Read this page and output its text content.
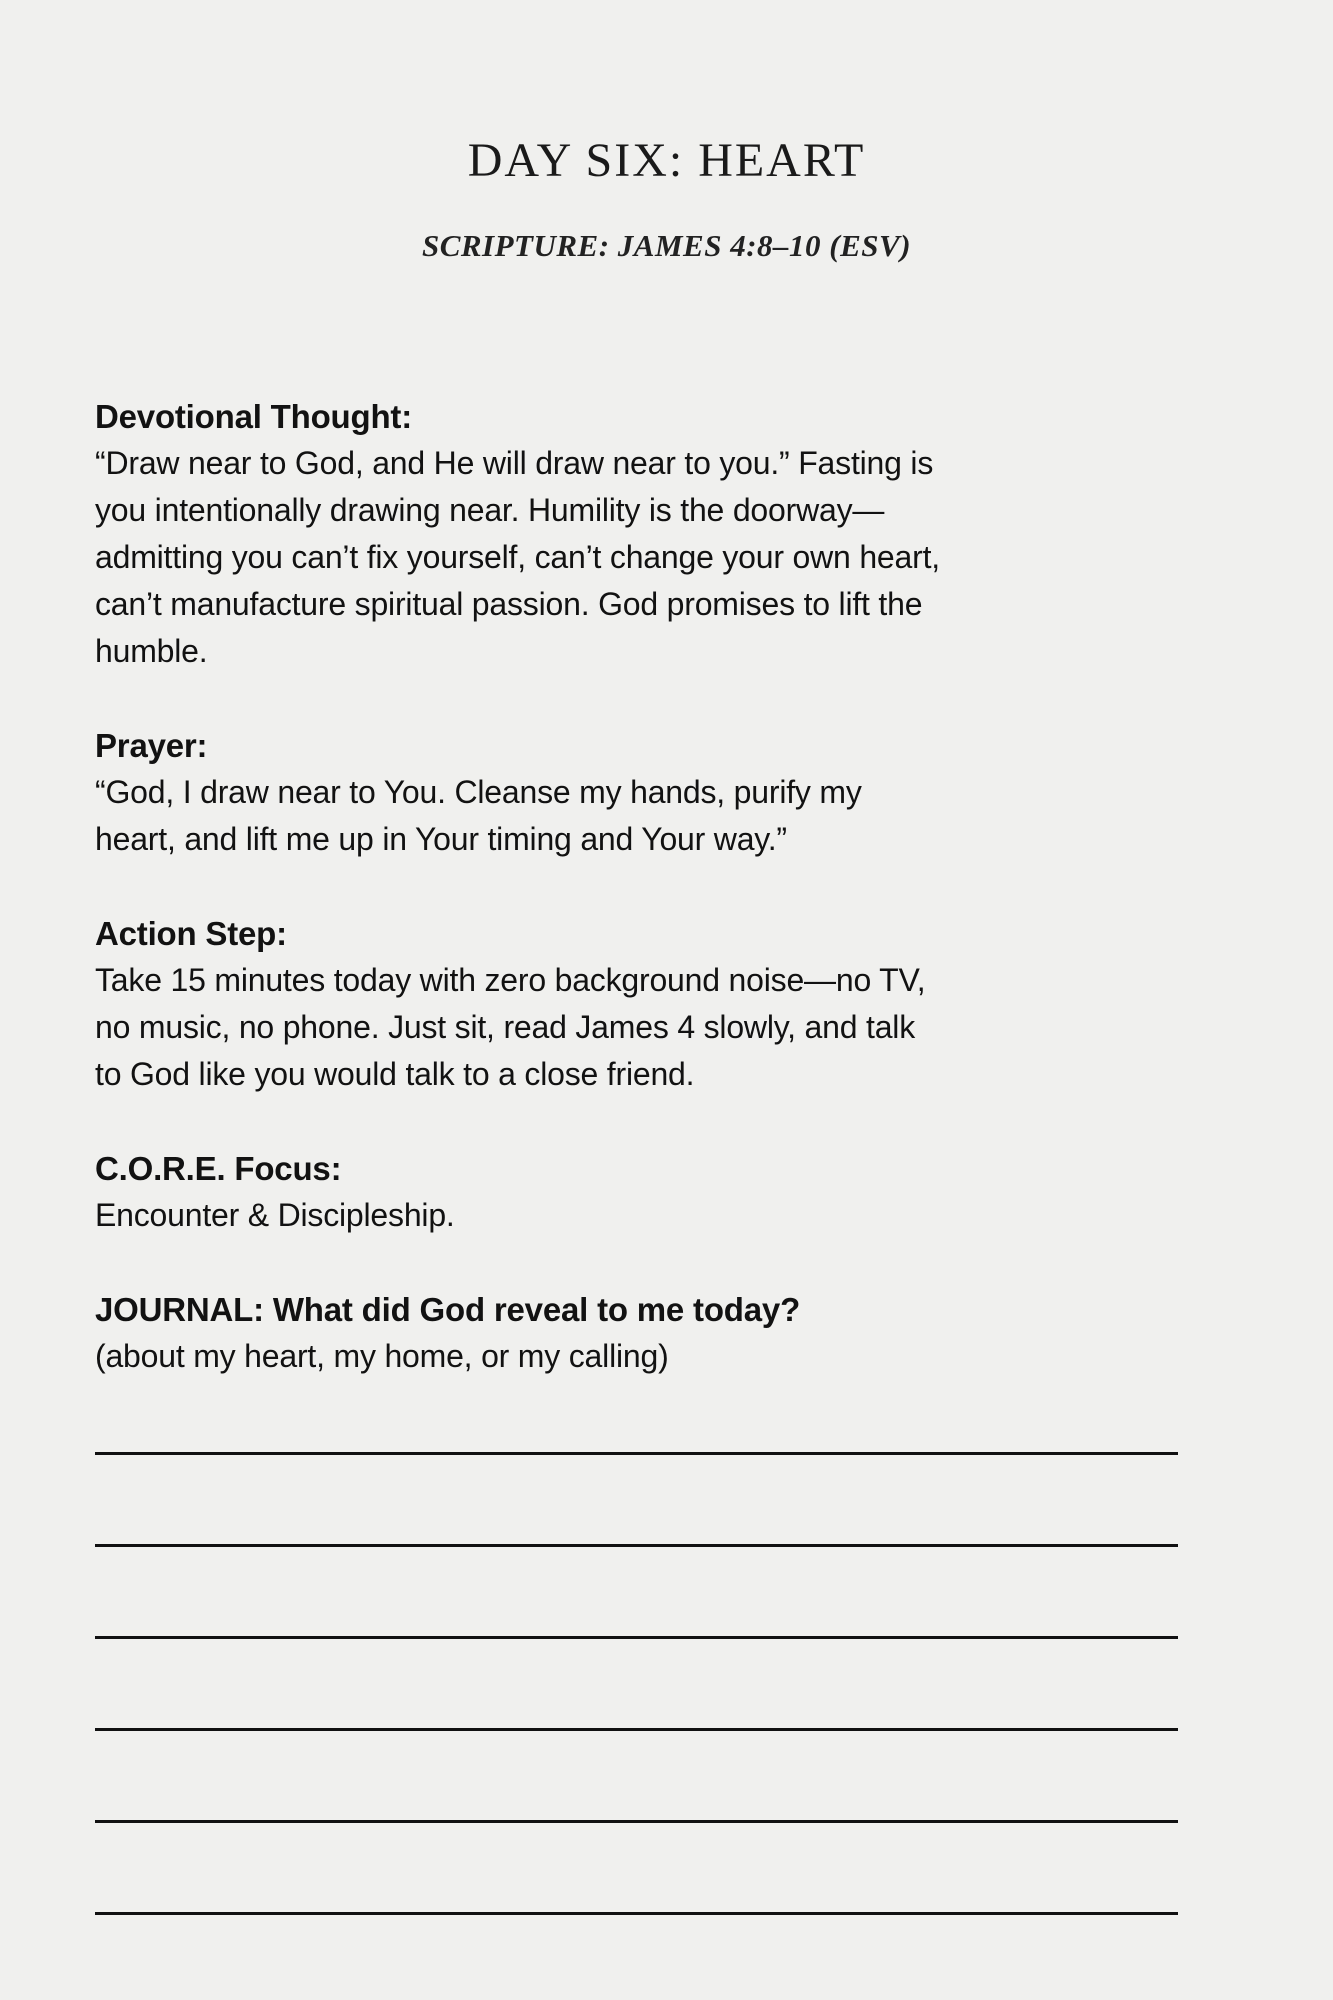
DAY SIX: HEART
SCRIPTURE: JAMES 4:8–10 (ESV)
Devotional Thought:

“Draw near to God, and He will draw near to you.” Fasting is you intentionally drawing near. Humility is the doorway—admitting you can’t fix yourself, can’t change your own heart, can’t manufacture spiritual passion. God promises to lift the humble.

Prayer:

“God, I draw near to You. Cleanse my hands, purify my heart, and lift me up in Your timing and Your way.”

Action Step:

Take 15 minutes today with zero background noise—no TV, no music, no phone. Just sit, read James 4 slowly, and talk to God like you would talk to a close friend.

C.O.R.E. Focus:

Encounter & Discipleship.

JOURNAL: What did God reveal to me today?

(about my heart, my home, or my calling)
